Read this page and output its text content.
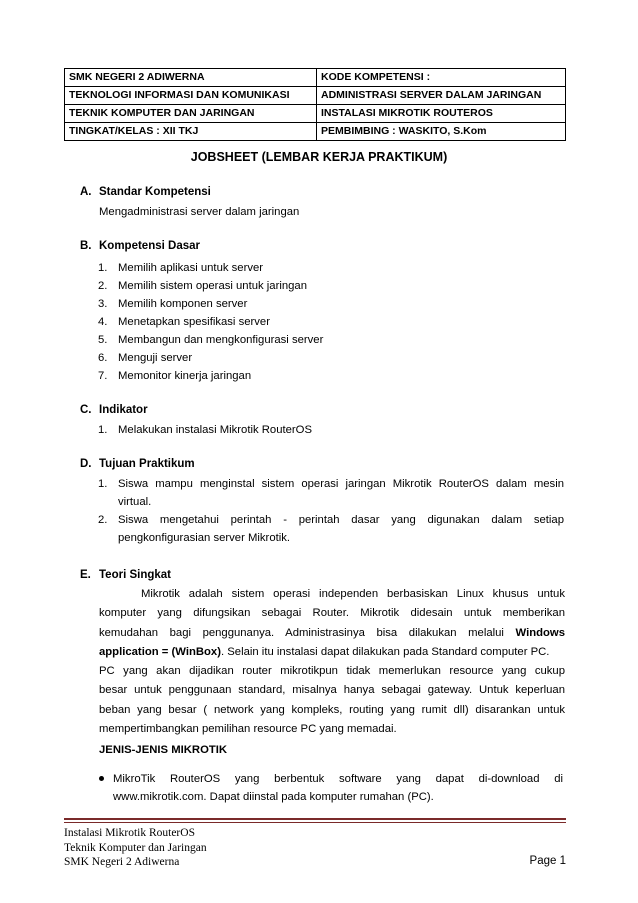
SMK NEGERI 2 ADIWERNA	KODE KOMPETENSI :
TEKNOLOGI INFORMASI DAN KOMUNIKASI	ADMINISTRASI SERVER DALAM JARINGAN
TEKNIK KOMPUTER DAN JARINGAN	INSTALASI MIKROTIK ROUTEROS
TINGKAT/KELAS : XII TKJ	PEMBIMBING : WASKITO, S.Kom
JOBSHEET (LEMBAR KERJA PRAKTIKUM)
A. Standar Kompetensi
Mengadministrasi server dalam jaringan
B. Kompetensi Dasar
1. Memilih aplikasi untuk server
2. Memilih sistem operasi untuk jaringan
3. Memilih komponen server
4. Menetapkan spesifikasi server
5. Membangun dan mengkonfigurasi server
6. Menguji server
7. Memonitor kinerja jaringan
C. Indikator
1. Melakukan instalasi Mikrotik RouterOS
D. Tujuan Praktikum
1. Siswa mampu menginstal sistem operasi jaringan Mikrotik RouterOS dalam mesin
virtual.
2. Siswa mengetahui perintah - perintah dasar yang digunakan dalam setiap
pengkonfigurasian server Mikrotik.
E. Teori Singkat
Mikrotik adalah sistem operasi independen berbasiskan Linux khusus untuk
komputer yang difungsikan sebagai Router. Mikrotik didesain untuk memberikan
kemudahan bagi penggunanya. Administrasinya bisa dilakukan melalui Windows
application = (WinBox). Selain itu instalasi dapat dilakukan pada Standard computer PC.
PC yang akan dijadikan router mikrotikpun tidak memerlukan resource yang cukup
besar untuk penggunaan standard, misalnya hanya sebagai gateway. Untuk keperluan
beban yang besar ( network yang kompleks, routing yang rumit dll) disarankan untuk
mempertimbangkan pemilihan resource PC yang memadai.
JENIS-JENIS MIKROTIK
MikroTik RouterOS yang berbentuk software yang dapat di-download di
www.mikrotik.com. Dapat diinstal pada komputer rumahan (PC).
Instalasi Mikrotik RouterOS
Teknik Komputer dan Jaringan
SMK Negeri 2 Adiwerna	Page 1
